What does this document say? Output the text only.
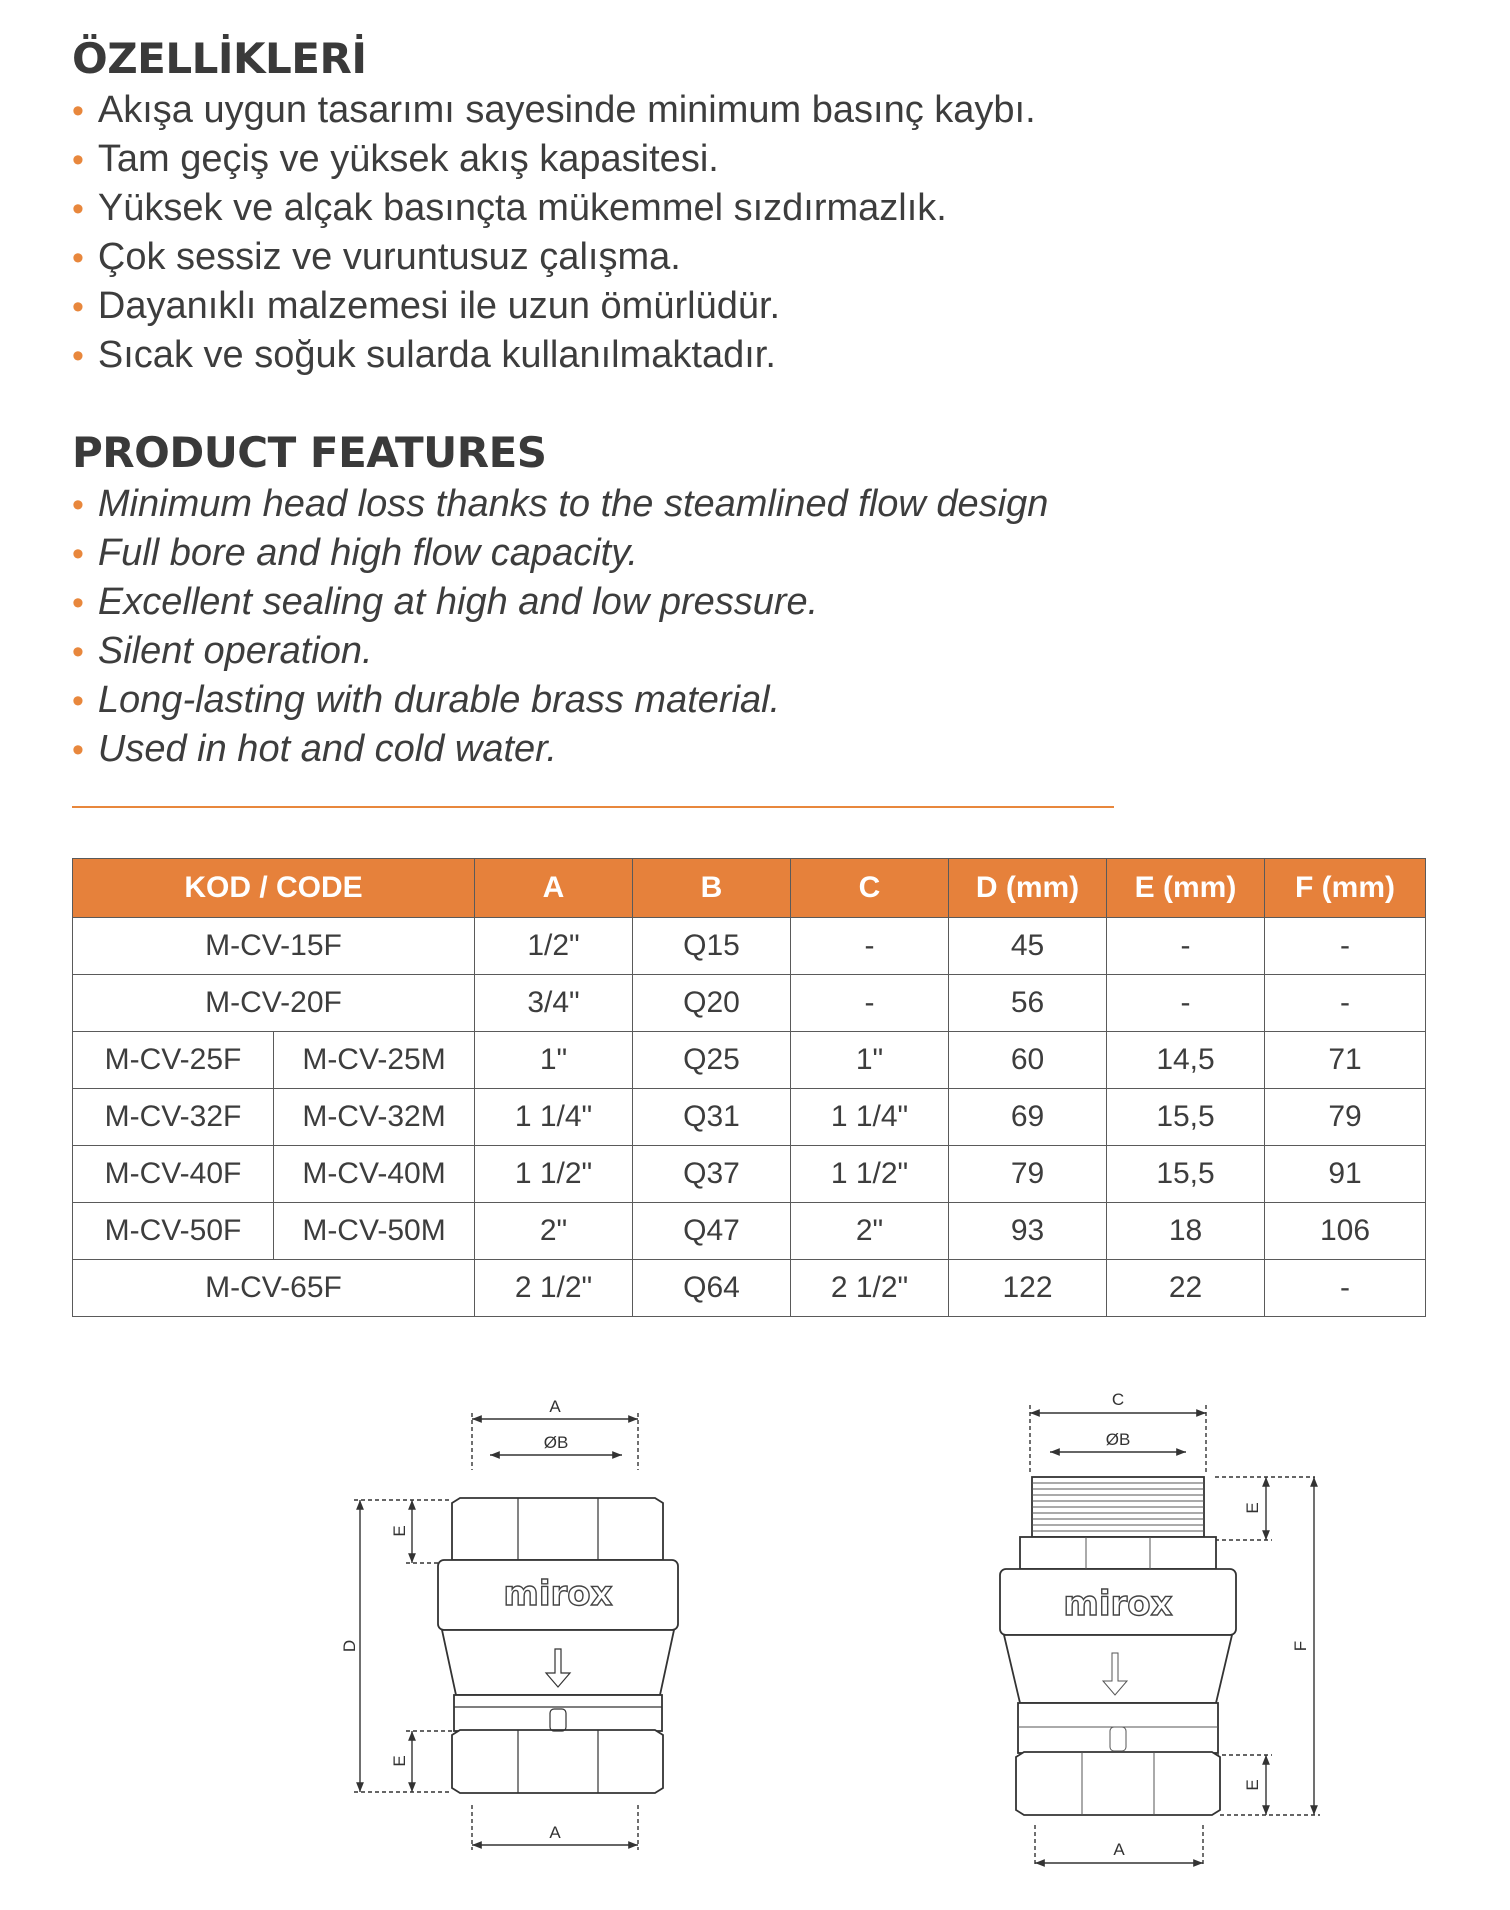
ÖZELLİKLERİ
• Akışa uygun tasarımı sayesinde minimum basınç kaybı.
• Tam geçiş ve yüksek akış kapasitesi.
• Yüksek ve alçak basınçta mükemmel sızdırmazlık.
• Çok sessiz ve vuruntusuz çalışma.
• Dayanıklı malzemesi ile uzun ömürlüdür.
• Sıcak ve soğuk sularda kullanılmaktadır.
PRODUCT FEATURES
• Minimum head loss thanks to the steamlined flow design
• Full bore and high flow capacity.
• Excellent sealing at high and low pressure.
• Silent operation.
• Long-lasting with durable brass material.
• Used in hot and cold water.
KOD / CODE		A	B	C	D (mm)	E (mm)	F (mm)
M-CV-15F		1/2"	Q15	-	45	-	-
M-CV-20F		3/4"	Q20	-	56	-	-
M-CV-25F	M-CV-25M	1"	Q25	1"	60	14,5	71
M-CV-32F	M-CV-32M	1 1/4"	Q31	1 1/4"	69	15,5	79
M-CV-40F	M-CV-40M	1 1/2"	Q37	1 1/2"	79	15,5	91
M-CV-50F	M-CV-50M	2"	Q47	2"	93	18	106
M-CV-65F		2 1/2"	Q64	2 1/2"	122	22	-
mirox
A
ØB
E
D
E
A
mirox
C
ØB
E
F
E
A
